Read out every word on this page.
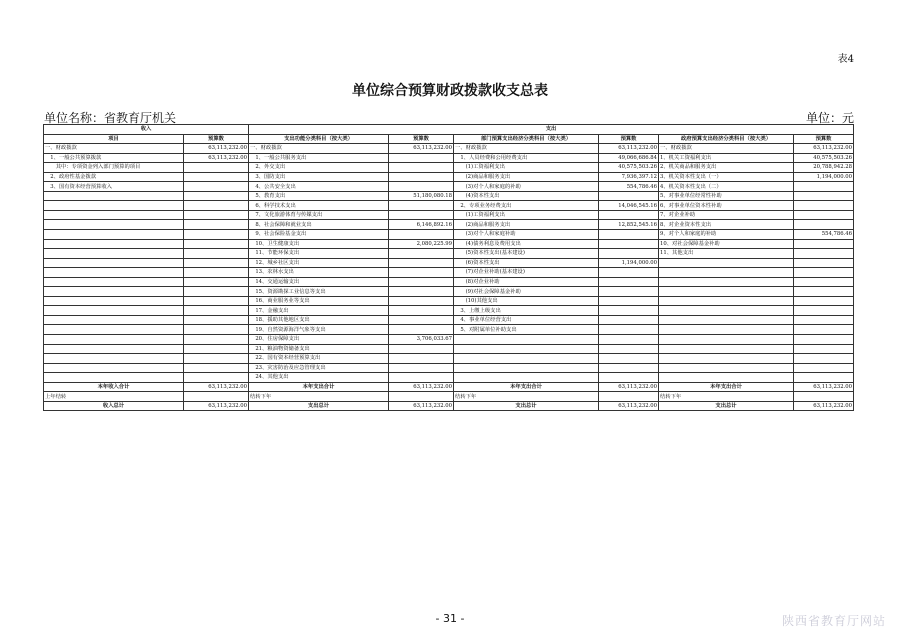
表4
单位综合预算财政拨款收支总表
单位名称：省教育厅机关	单位：元
收入		支出					
项目	预算数	支出功能分类科目（按大类）	预算数	部门预算支出经济分类科目（按大类）	预算数	政府预算支出经济分类科目（按大类）	预算数
一、财政拨款	63,113,232.00	一、财政拨款	63,113,232.00	一、财政拨款	63,113,232.00	一、财政拨款	63,113,232.00
　1、一般公共预算拨款	63,113,232.00	　1、一般公共服务支出		　1、人员经费和公用经费支出	49,066,686.84	1、机关工资福利支出	40,575,503.26
　　其中：专项资金列入部门预算的项目		　2、外交支出		　　(1)工资福利支出	40,575,503.26	2、机关商品和服务支出	20,788,942.28
　2、政府性基金拨款		　3、国防支出		　　(2)商品和服务支出	7,936,397.12	3、机关资本性支出（一）	1,194,000.00
　3、国有资本经营预算收入		　4、公共安全支出		　　(3)对个人和家庭的补助	554,786.46	4、机关资本性支出（二）	
		　5、教育支出	51,180,080.18	　　(4)资本性支出		5、对事业单位经常性补助	
		　6、科学技术支出		　2、专项业务经费支出	14,046,545.16	6、对事业单位资本性补助	
		　7、文化旅游体育与传媒支出		　　(1)工资福利支出		7、对企业补助	
		　8、社会保障和就业支出	6,146,892.16	　　(2)商品和服务支出	12,852,545.16	8、对企业资本性支出	
		　9、社会保险基金支出		　　(3)对个人和家庭补助		9、对个人和家庭的补助	554,786.46
		　10、卫生健康支出	2,080,225.99	　　(4)债务利息及费用支出		10、对社会保障基金补助	
		　11、节能环保支出		　　(5)资本性支出(基本建设)		11、其他支出	
		　12、城乡社区支出		　　(6)资本性支出	1,194,000.00		
		　13、农林水支出		　　(7)对企业补助(基本建设)			
		　14、交通运输支出		　　(8)对企业补助			
		　15、资源勘探工业信息等支出		　　(9)对社会保障基金补助			
		　16、商业服务业等支出		　　(10)其他支出			
		　17、金融支出		　3、上缴上级支出			
		　18、援助其他地区支出		　4、事业单位经营支出			
		　19、自然资源海洋气象等支出		　5、对附属单位补助支出			
		　20、住房保障支出	3,706,033.67				
		　21、粮油物资储备支出					
		　22、国有资本经营预算支出					
		　23、灾害防治及应急管理支出					
		　24、其他支出					
本年收入合计	63,113,232.00	本年支出合计	63,113,232.00	本年支出合计	63,113,232.00	本年支出合计	63,113,232.00
上年结转		结转下年		结转下年		结转下年	
收入总计	63,113,232.00	支出总计	63,113,232.00	支出总计	63,113,232.00	支出总计	63,113,232.00
- 31 -	陕西省教育厅网站
